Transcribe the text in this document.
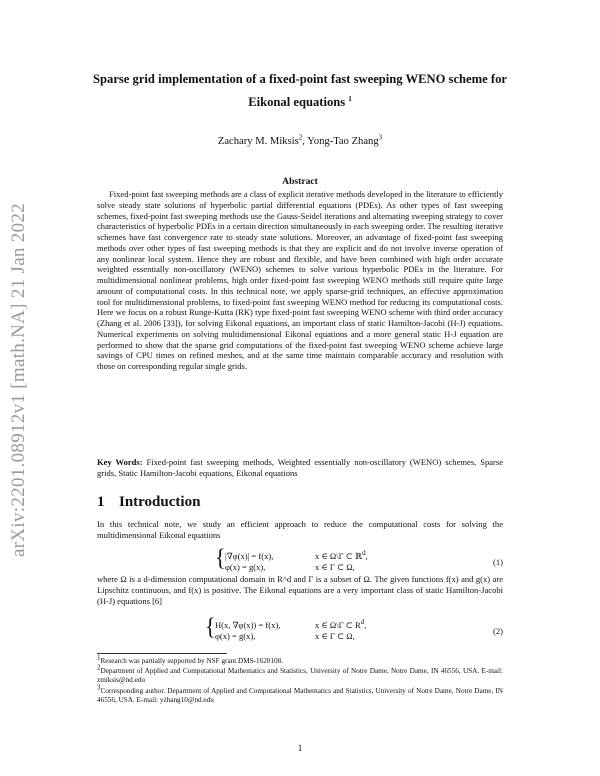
arXiv:2201.08912v1 [math.NA] 21 Jan 2022
Sparse grid implementation of a fixed-point fast sweeping WENO scheme for
Eikonal equations $^1$
Zachary M. Miksis$^2$, Yong-Tao Zhang$^3$
Abstract

Fixed-point fast sweeping methods are a class of explicit iterative methods developed in the literature to efficiently solve steady state solutions of hyperbolic partial differential equations (PDEs). As other types of fast sweeping schemes, fixed-point fast sweeping methods use the Gauss-Seidel iterations and alternating sweeping strategy to cover characteristics of hyperbolic PDEs in a certain direction simultaneously in each sweeping order. The resulting iterative schemes have fast convergence rate to steady state solutions. Moreover, an advantage of fixed-point fast sweeping methods over other types of fast sweeping methods is that they are explicit and do not involve inverse operation of any nonlinear local system. Hence they are robust and flexible, and have been combined with high order accurate weighted essentially non-oscillatory (WENO) schemes to solve various hyperbolic PDEs in the literature. For multidimensional nonlinear problems, high order fixed-point fast sweeping WENO methods still require quite large amount of computational costs. In this technical note, we apply sparse-grid techniques, an effective approximation tool for multidimensional problems, to fixed-point fast sweeping WENO method for reducing its computational costs. Here we focus on a robust Runge-Kutta (RK) type fixed-point fast sweeping WENO scheme with third order accuracy (Zhang et al. 2006 [33]), for solving Eikonal equations, an important class of static Hamilton-Jacobi (H-J) equations. Numerical experiments on solving multidimensional Eikonal equations and a more general static H-J equation are performed to show that the sparse grid computations of the fixed-point fast sweeping WENO scheme achieve large savings of CPU times on refined meshes, and at the same time maintain comparable accuracy and resolution with those on corresponding regular single grids.

Key Words: Fixed-point fast sweeping methods, Weighted essentially non-oscillatory (WENO) schemes, Sparse grids, Static Hamilton-Jacobi equations, Eikonal equations

1 Introduction

In this technical note, we study an efficient approach to reduce the computational costs for solving the multidimensional Eikonal equations

{ |∇φ(x)| = f(x),	x ∈ Ω\Γ ⊂ ℝ$^d$,
φ(x) = g(x),	x ∈ Γ ⊂ Ω,	(1)

where Ω is a d-dimension computational domain in R^d and Γ is a subset of Ω. The given functions f(x) and g(x) are Lipschitz continuous, and f(x) is positive. The Eikonal equations are a very important class of static Hamilton-Jacobi (H-J) equations [6]

{ H(x, ∇φ(x)) = f(x),	x ∈ Ω\Γ ⊂ $R^d$,
φ(x) = g(x),	x ∈ Γ ⊂ Ω,	(2)

$^1$Research was partially supported by NSF grant DMS-1620108.

$^2$Department of Applied and Computational Mathematics and Statistics, University of Notre Dame, Notre Dame, IN 46556, USA. E-mail: zmiksis@nd.edu

$^3$Corresponding author. Department of Applied and Computational Mathematics and Statistics, University of Notre Dame, Notre Dame, IN 46556, USA. E-mail: yzhang10@nd.edu

1
